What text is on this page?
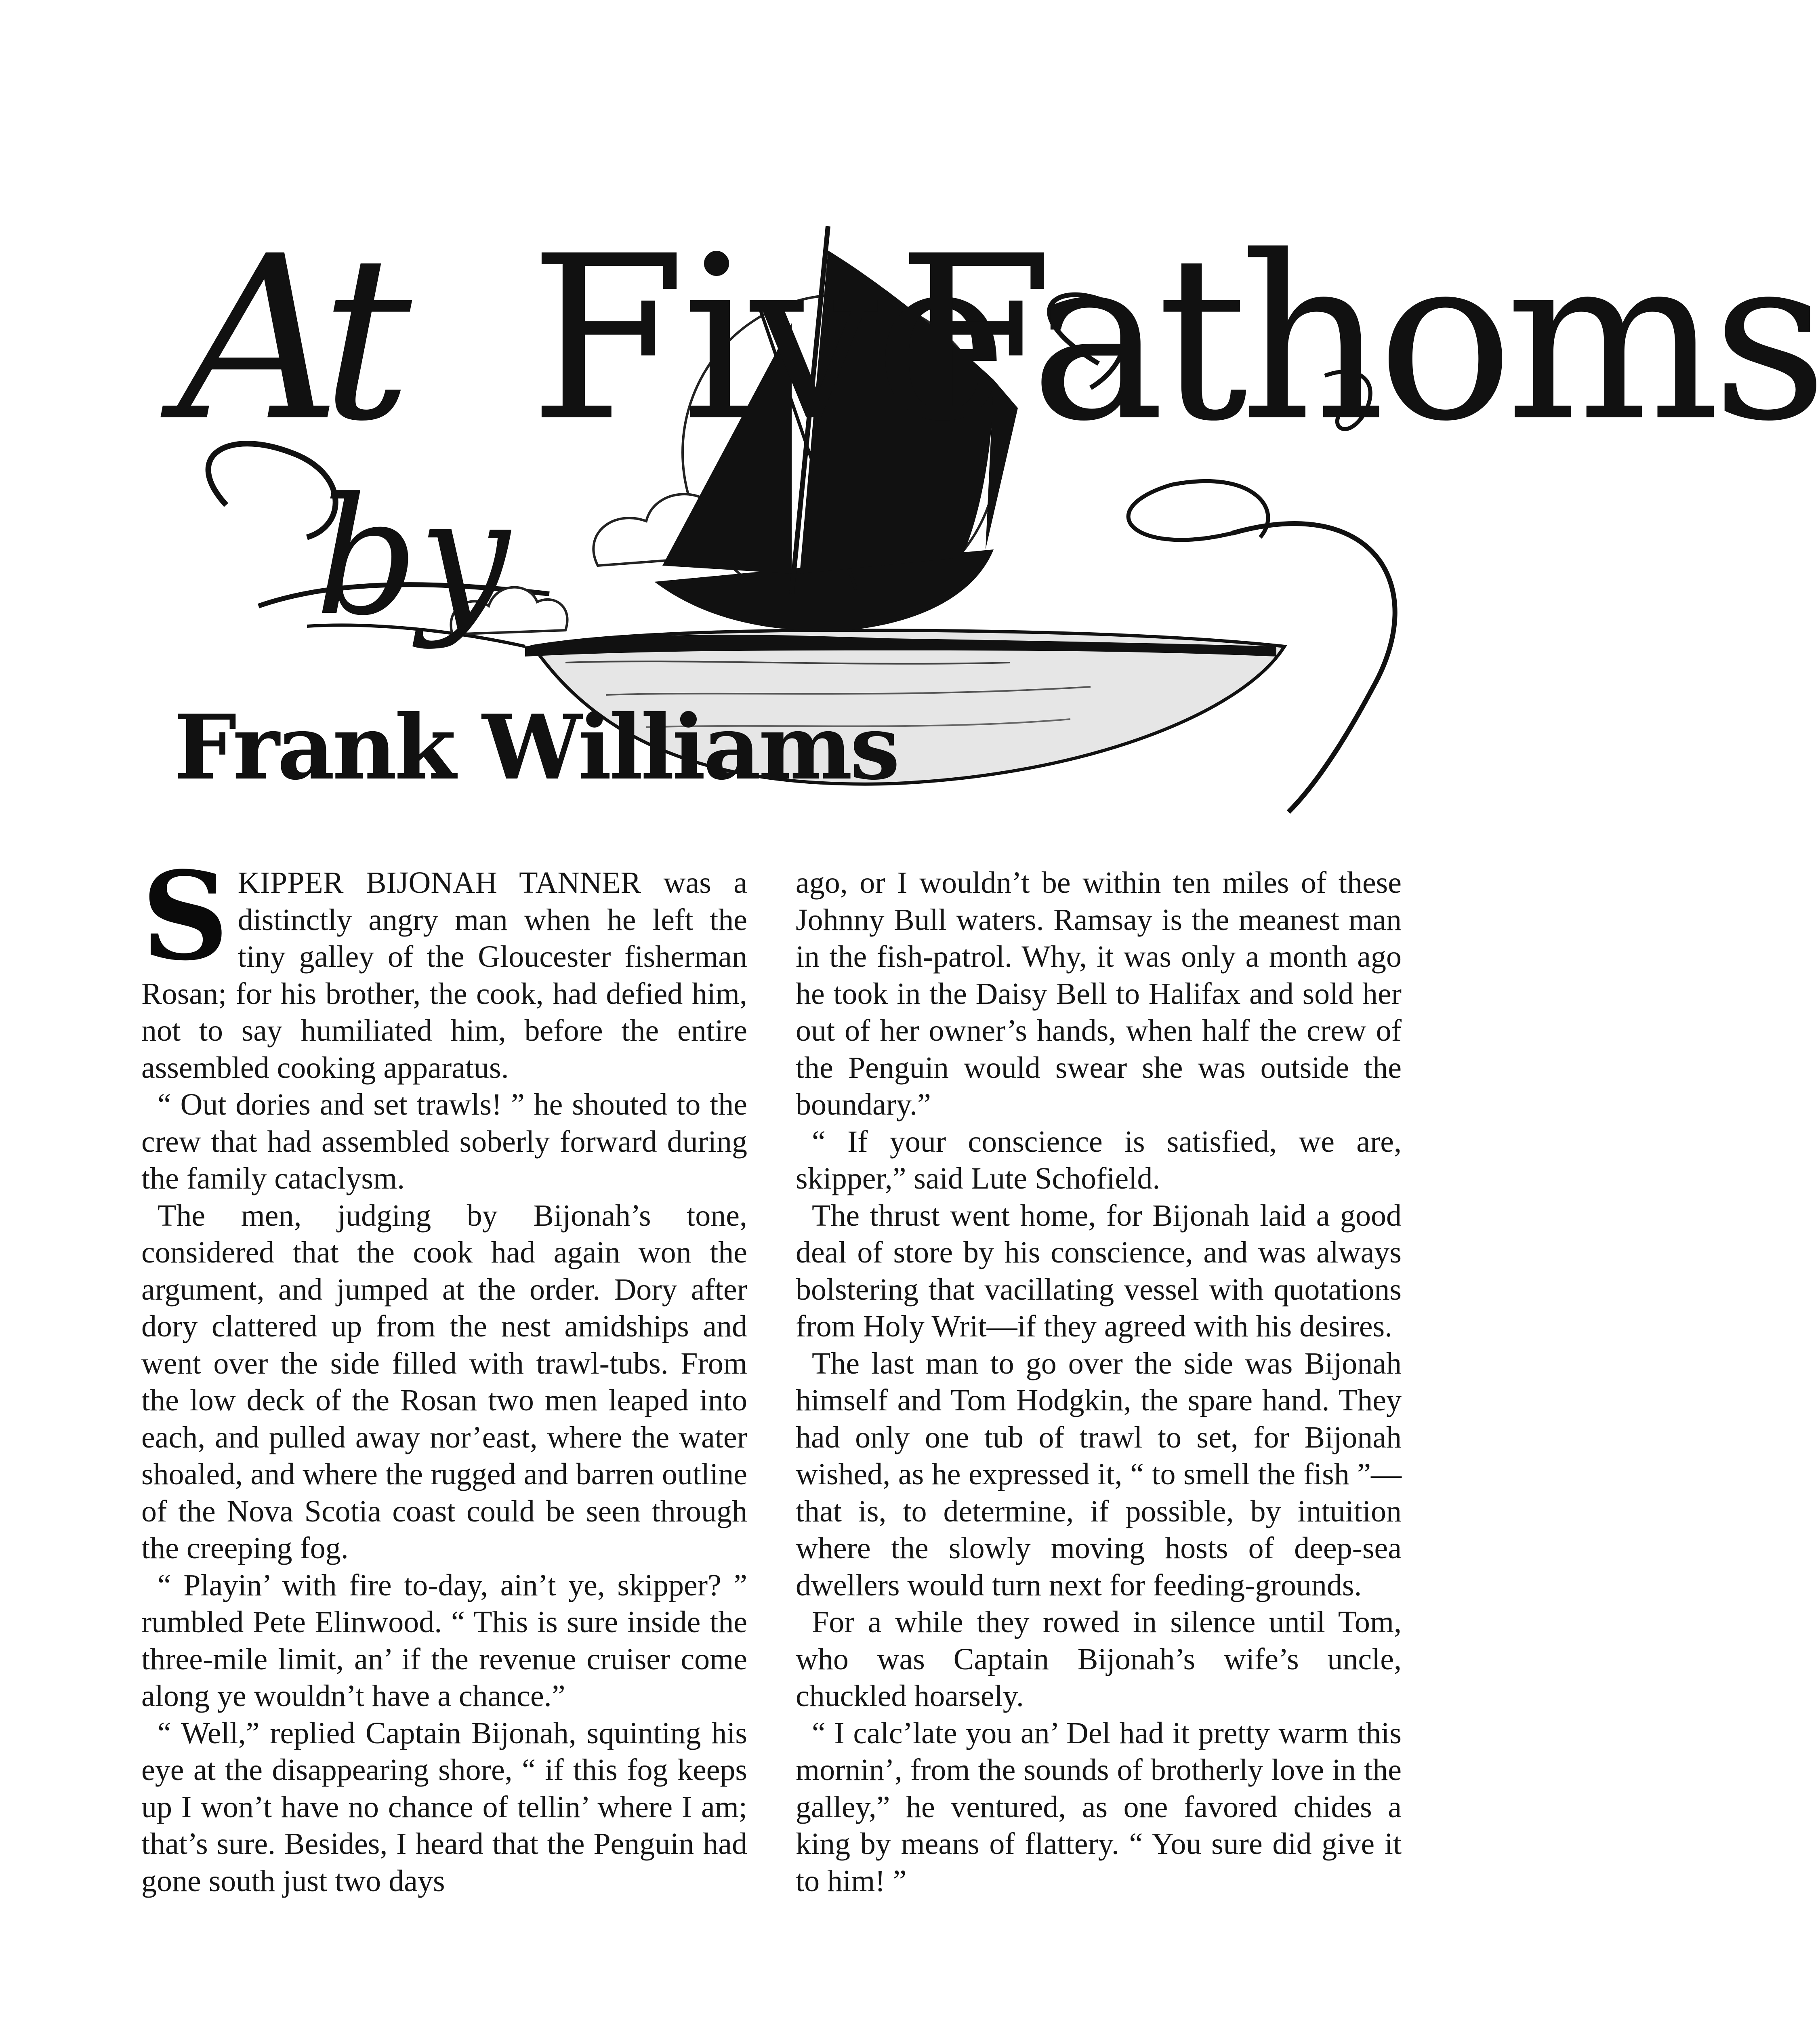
At Five
Fathoms
by
Frank Williams

SKIPPER BIJONAH TANNER was a distinctly angry man when he left the tiny galley of the Gloucester fisherman Rosan; for his brother, the cook, had defied him, not to say humiliated him, before the entire assembled cooking apparatus.

“ Out dories and set trawls! ” he shouted to the crew that had assembled soberly forward during the family cataclysm.

The men, judging by Bijonah’s tone, considered that the cook had again won the argument, and jumped at the order. Dory after dory clattered up from the nest amidships and went over the side filled with trawl-tubs. From the low deck of the Rosan two men leaped into each, and pulled away nor’east, where the water shoaled, and where the rugged and barren outline of the Nova Scotia coast could be seen through the creeping fog.

“ Playin’ with fire to-day, ain’t ye, skipper? ” rumbled Pete Elinwood. “ This is sure inside the three-mile limit, an’ if the revenue cruiser come along ye wouldn’t have a chance.”

“ Well,” replied Captain Bijonah, squinting his eye at the disappearing shore, “ if this fog keeps up I won’t have no chance of tellin’ where I am; that’s sure. Besides, I heard that the Penguin had gone south just two days

ago, or I wouldn’t be within ten miles of these Johnny Bull waters. Ramsay is the meanest man in the fish-patrol. Why, it was only a month ago he took in the Daisy Bell to Halifax and sold her out of her owner’s hands, when half the crew of the Penguin would swear she was outside the boundary.”

“ If your conscience is satisfied, we are, skipper,” said Lute Schofield.

The thrust went home, for Bijonah laid a good deal of store by his conscience, and was always bolstering that vacillating vessel with quotations from Holy Writ—if they agreed with his desires.

The last man to go over the side was Bijonah himself and Tom Hodgkin, the spare hand. They had only one tub of trawl to set, for Bijonah wished, as he expressed it, “ to smell the fish ”—that is, to determine, if possible, by intuition where the slowly moving hosts of deep-sea dwellers would turn next for feeding-grounds.

For a while they rowed in silence until Tom, who was Captain Bijonah’s wife’s uncle, chuckled hoarsely.

“ I calc’late you an’ Del had it pretty warm this mornin’, from the sounds of brotherly love in the galley,” he ventured, as one favored chides a king by means of flattery. “ You sure did give it to him! ”
